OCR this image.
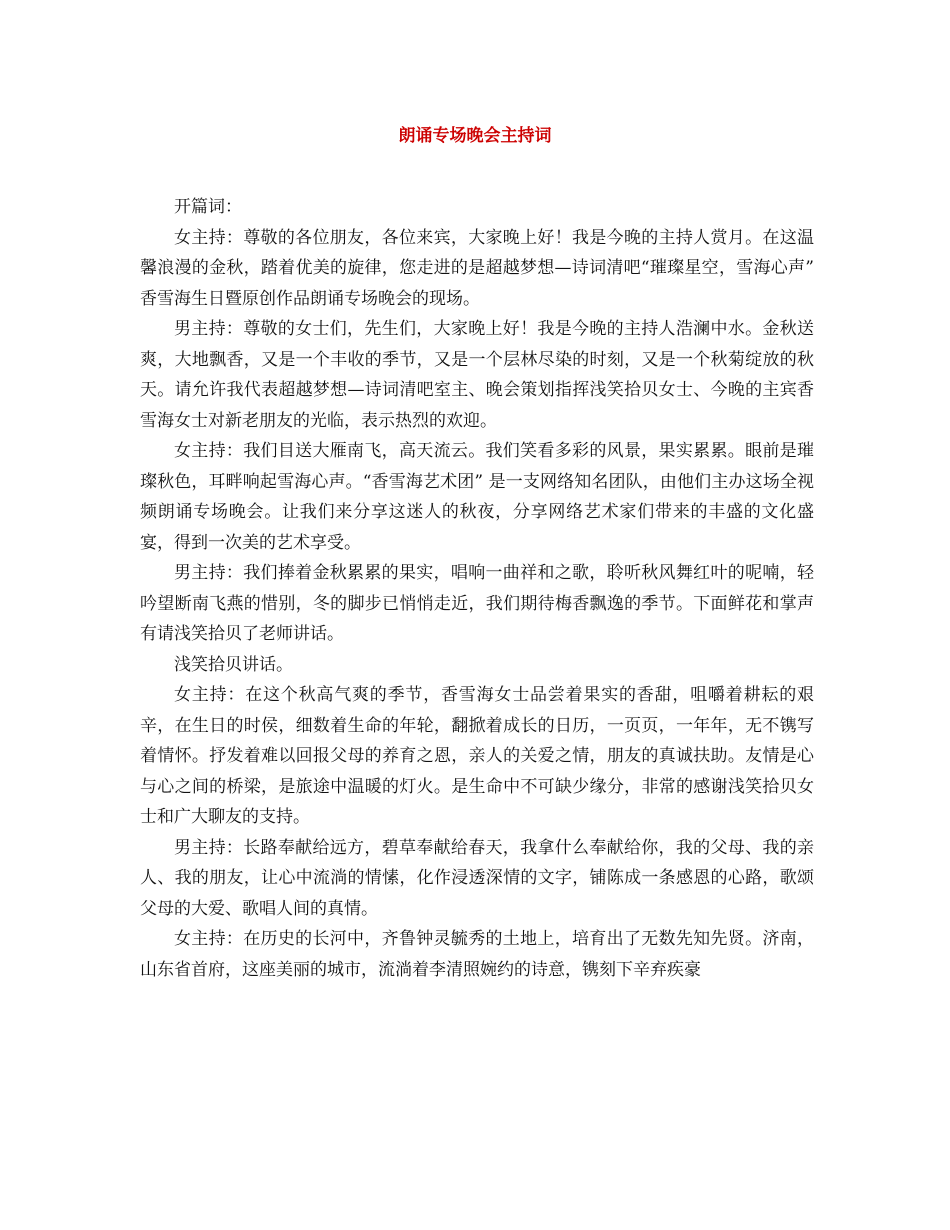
朗诵专场晚会主持词

开篇词：

女主持：尊敬的各位朋友，各位来宾，大家晚上好！我是今晚的主持人赏月。在这温馨浪漫的金秋，踏着优美的旋律，您走进的是超越梦想—诗词清吧“璀璨星空，雪海心声” 香雪海生日暨原创作品朗诵专场晚会的现场。

男主持：尊敬的女士们，先生们，大家晚上好！我是今晚的主持人浩澜中水。金秋送爽，大地飘香，又是一个丰收的季节，又是一个层林尽染的时刻，又是一个秋菊绽放的秋天。请允许我代表超越梦想—诗词清吧室主、晚会策划指挥浅笑拾贝女士、今晚的主宾香雪海女士对新老朋友的光临，表示热烈的欢迎。

女主持：我们目送大雁南飞，高天流云。我们笑看多彩的风景，果实累累。眼前是璀璨秋色，耳畔响起雪海心声。“香雪海艺术团” 是一支网络知名团队，由他们主办这场全视频朗诵专场晚会。让我们来分享这迷人的秋夜，分享网络艺术家们带来的丰盛的文化盛宴，得到一次美的艺术享受。

男主持：我们捧着金秋累累的果实，唱响一曲祥和之歌，聆听秋风舞红叶的呢喃，轻吟望断南飞燕的惜别，冬的脚步已悄悄走近，我们期待梅香飘逸的季节。下面鲜花和掌声有请浅笑拾贝了老师讲话。

浅笑拾贝讲话。

女主持：在这个秋高气爽的季节，香雪海女士品尝着果实的香甜，咀嚼着耕耘的艰辛，在生日的时侯，细数着生命的年轮，翻掀着成长的日历，一页页，一年年，无不镌写着情怀。抒发着难以回报父母的养育之恩，亲人的关爱之情，朋友的真诚扶助。友情是心与心之间的桥梁，是旅途中温暖的灯火。是生命中不可缺少缘分，非常的感谢浅笑拾贝女士和广大聊友的支持。

男主持：长路奉献给远方，碧草奉献给春天，我拿什么奉献给你，我的父母、我的亲人、我的朋友，让心中流淌的情愫，化作浸透深情的文字，铺陈成一条感恩的心路，歌颂父母的大爱、歌唱人间的真情。

女主持：在历史的长河中，齐鲁钟灵毓秀的土地上，培育出了无数先知先贤。济南，山东省首府，这座美丽的城市，流淌着李清照婉约的诗意，镌刻下辛弃疾豪
